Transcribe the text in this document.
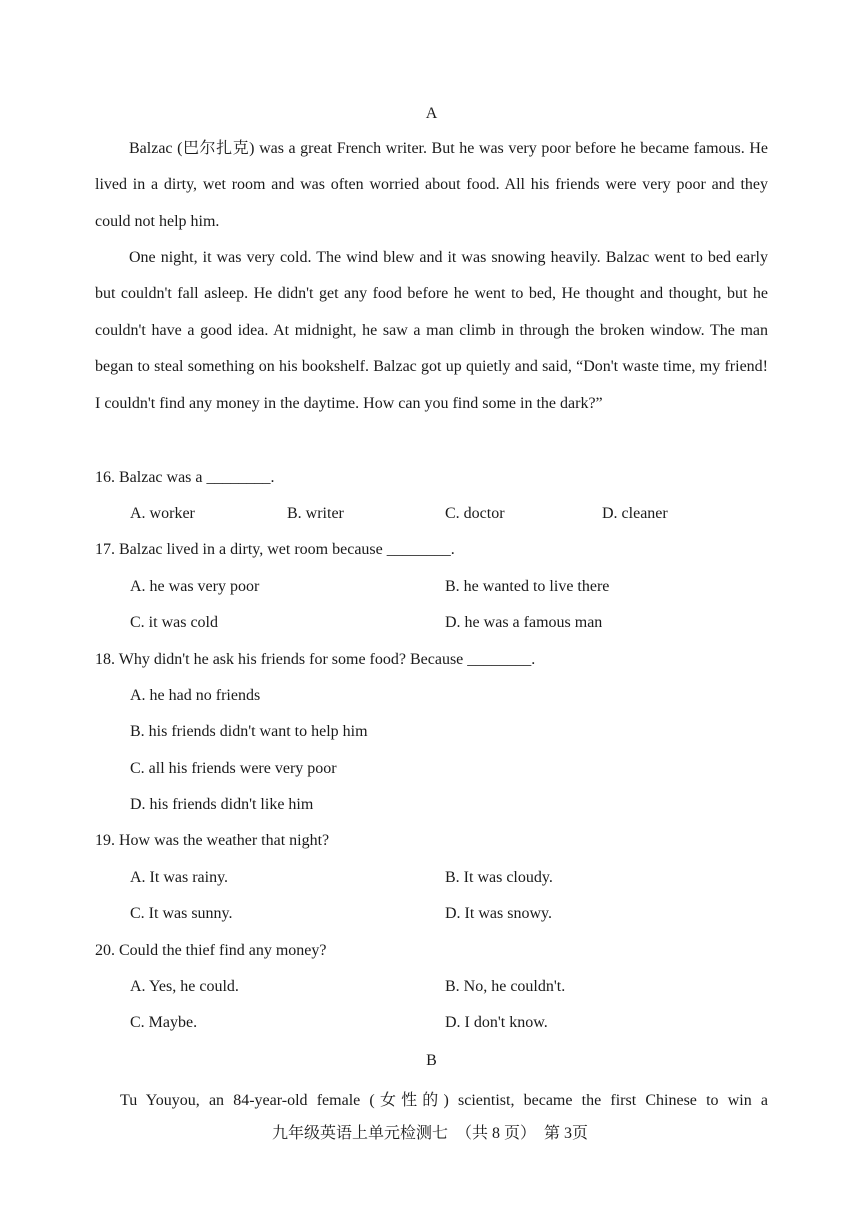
A

Balzac (巴尔扎克) was a great French writer. But he was very poor before he became famous. He lived in a dirty, wet room and was often worried about food. All his friends were very poor and they could not help him.

One night, it was very cold. The wind blew and it was snowing heavily. Balzac went to bed early but couldn't fall asleep. He didn't get any food before he went to bed, He thought and thought, but he couldn't have a good idea. At midnight, he saw a man climb in through the broken window. The man began to steal something on his bookshelf. Balzac got up quietly and said, “Don't waste time, my friend! I couldn't find any money in the daytime. How can you find some in the dark?”

16. Balzac was a ________.
A. worker	B. writer	C. doctor	D. cleaner
17. Balzac lived in a dirty, wet room because ________.
A. he was very poor	B. he wanted to live there
C. it was cold	D. he was a famous man
18. Why didn't he ask his friends for some food? Because ________.
A. he had no friends
B. his friends didn't want to help him
C. all his friends were very poor
D. his friends didn't like him
19. How was the weather that night?
A. It was rainy.	B. It was cloudy.
C. It was sunny.	D. It was snowy.
20. Could the thief find any money?
A. Yes, he could.	B. No, he couldn't.
C. Maybe.	D. I don't know.
B
Tu Youyou, an 84-year-old female (女性的) scientist, became the first Chinese to win a
九年级英语上单元检测七　（共 8 页）　第 3页
